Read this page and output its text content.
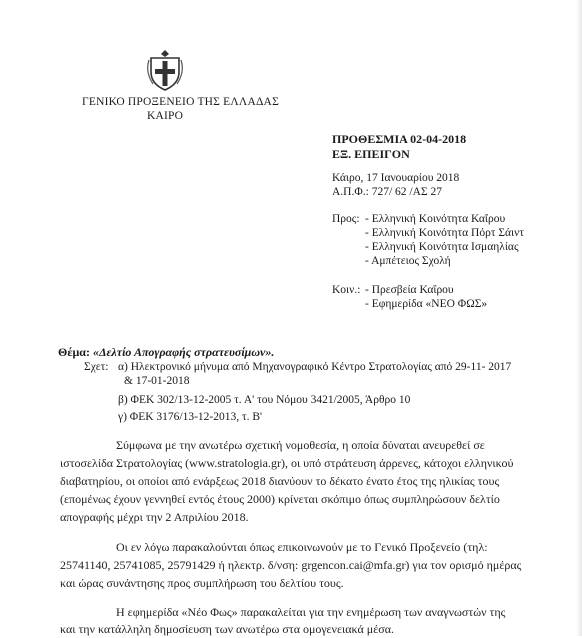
ΓΕΝΙΚΟ ΠΡΟΞΕΝΕΙΟ ΤΗΣ ΕΛΛΑΔΑΣ
ΚΑΙΡΟ
ΠΡΟΘΕΣΜΙΑ 02-04-2018
ΕΞ. ΕΠΕΙΓΟΝ
Κάιρο, 17 Ιανουαρίου 2018
Α.Π.Φ.: 727/ 62 /ΑΣ 27
Προς: - Ελληνική Κοινότητα Καΐρου
- Ελληνική Κοινότητα Πόρτ Σάιντ
- Ελληνική Κοινότητα Ισμαηλίας
- Αμπέτειος Σχολή
Κοιν.: - Πρεσβεία Καΐρου
- Εφημερίδα «ΝΕΟ ΦΩΣ»
Θέμα: «Δελτίο Απογραφής στρατευσίμων».
Σχετ: α) Ηλεκτρονικό μήνυμα από Μηχανογραφικό Κέντρο Στρατολογίας από 29-11- 2017
& 17-01-2018
β) ΦΕΚ 302/13-12-2005 τ. Α' του Νόμου 3421/2005, Άρθρο 10
γ) ΦΕΚ 3176/13-12-2013, τ. Β'
Σύμφωνα με την ανωτέρω σχετική νομοθεσία, η οποία δύναται ανευρεθεί σε
ιστοσελίδα Στρατολογίας (www.stratologia.gr), οι υπό στράτευση άρρενες, κάτοχοι ελληνικού
διαβατηρίου, οι οποίοι από ενάρξεως 2018 διανύουν το δέκατο ένατο έτος της ηλικίας τους
(επομένως έχουν γεννηθεί εντός έτους 2000) κρίνεται σκόπιμο όπως συμπληρώσουν δελτίο
απογραφής μέχρι την 2 Απριλίου 2018.
Οι εν λόγω παρακαλούνται όπως επικοινωνούν με το Γενικό Προξενείο (τηλ:
25741140, 25741085, 25791429 ή ηλεκτρ. δ/νση: grgencon.cai@mfa.gr) για τον ορισμό ημέρας
και ώρας συνάντησης προς συμπλήρωση του δελτίου τους.
Η εφημερίδα «Νέο Φως» παρακαλείται για την ενημέρωση των αναγνωστών της
και την κατάλληλη δημοσίευση των ανωτέρω στα ομογενειακά μέσα.
